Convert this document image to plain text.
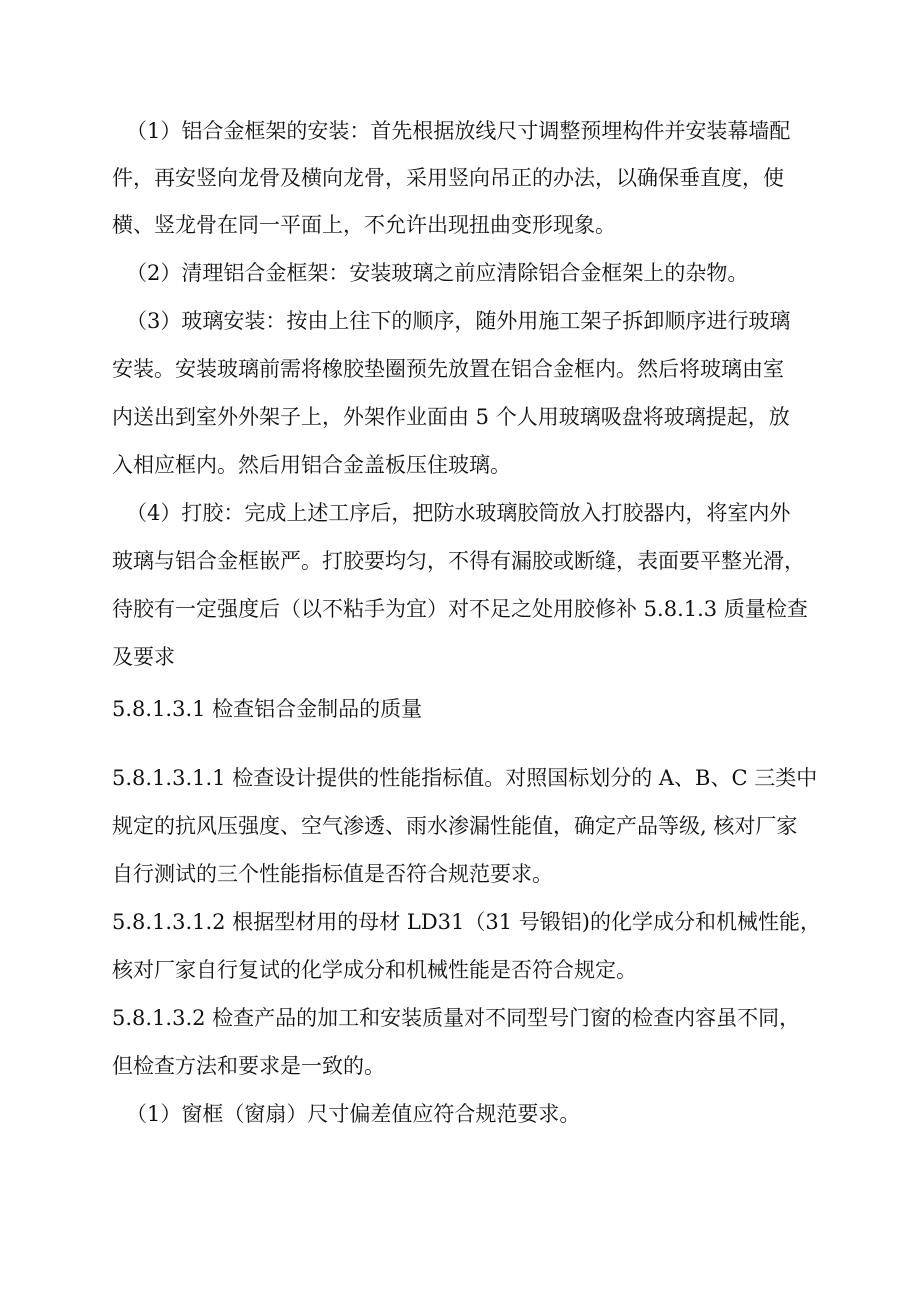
（1）铝合金框架的安装：首先根据放线尺寸调整预埋构件并安装幕墙配

件，再安竖向龙骨及横向龙骨，采用竖向吊正的办法，以确保垂直度，使

横、竖龙骨在同一平面上，不允许出现扭曲变形现象。

（2）清理铝合金框架：安装玻璃之前应清除铝合金框架上的杂物。

（3）玻璃安装：按由上往下的顺序，随外用施工架子拆卸顺序进行玻璃

安装。安装玻璃前需将橡胶垫圈预先放置在铝合金框内。然后将玻璃由室

内送出到室外外架子上，外架作业面由 5 个人用玻璃吸盘将玻璃提起，放

入相应框内。然后用铝合金盖板压住玻璃。

（4）打胶：完成上述工序后，把防水玻璃胶筒放入打胶器内，将室内外

玻璃与铝合金框嵌严。打胶要均匀，不得有漏胶或断缝，表面要平整光滑，

待胶有一定强度后（以不粘手为宜）对不足之处用胶修补 5.8.1.3 质量检查

及要求

5.8.1.3.1 检查铝合金制品的质量

5.8.1.3.1.1 检查设计提供的性能指标值。对照国标划分的 A、B、C 三类中

规定的抗风压强度、空气渗透、雨水渗漏性能值，确定产品等级, 核对厂家

自行测试的三个性能指标值是否符合规范要求。

5.8.1.3.1.2 根据型材用的母材 LD31（31 号锻铝)的化学成分和机械性能，

核对厂家自行复试的化学成分和机械性能是否符合规定。

5.8.1.3.2 检查产品的加工和安装质量对不同型号门窗的检查内容虽不同，

但检查方法和要求是一致的。

（1）窗框（窗扇）尺寸偏差值应符合规范要求。
